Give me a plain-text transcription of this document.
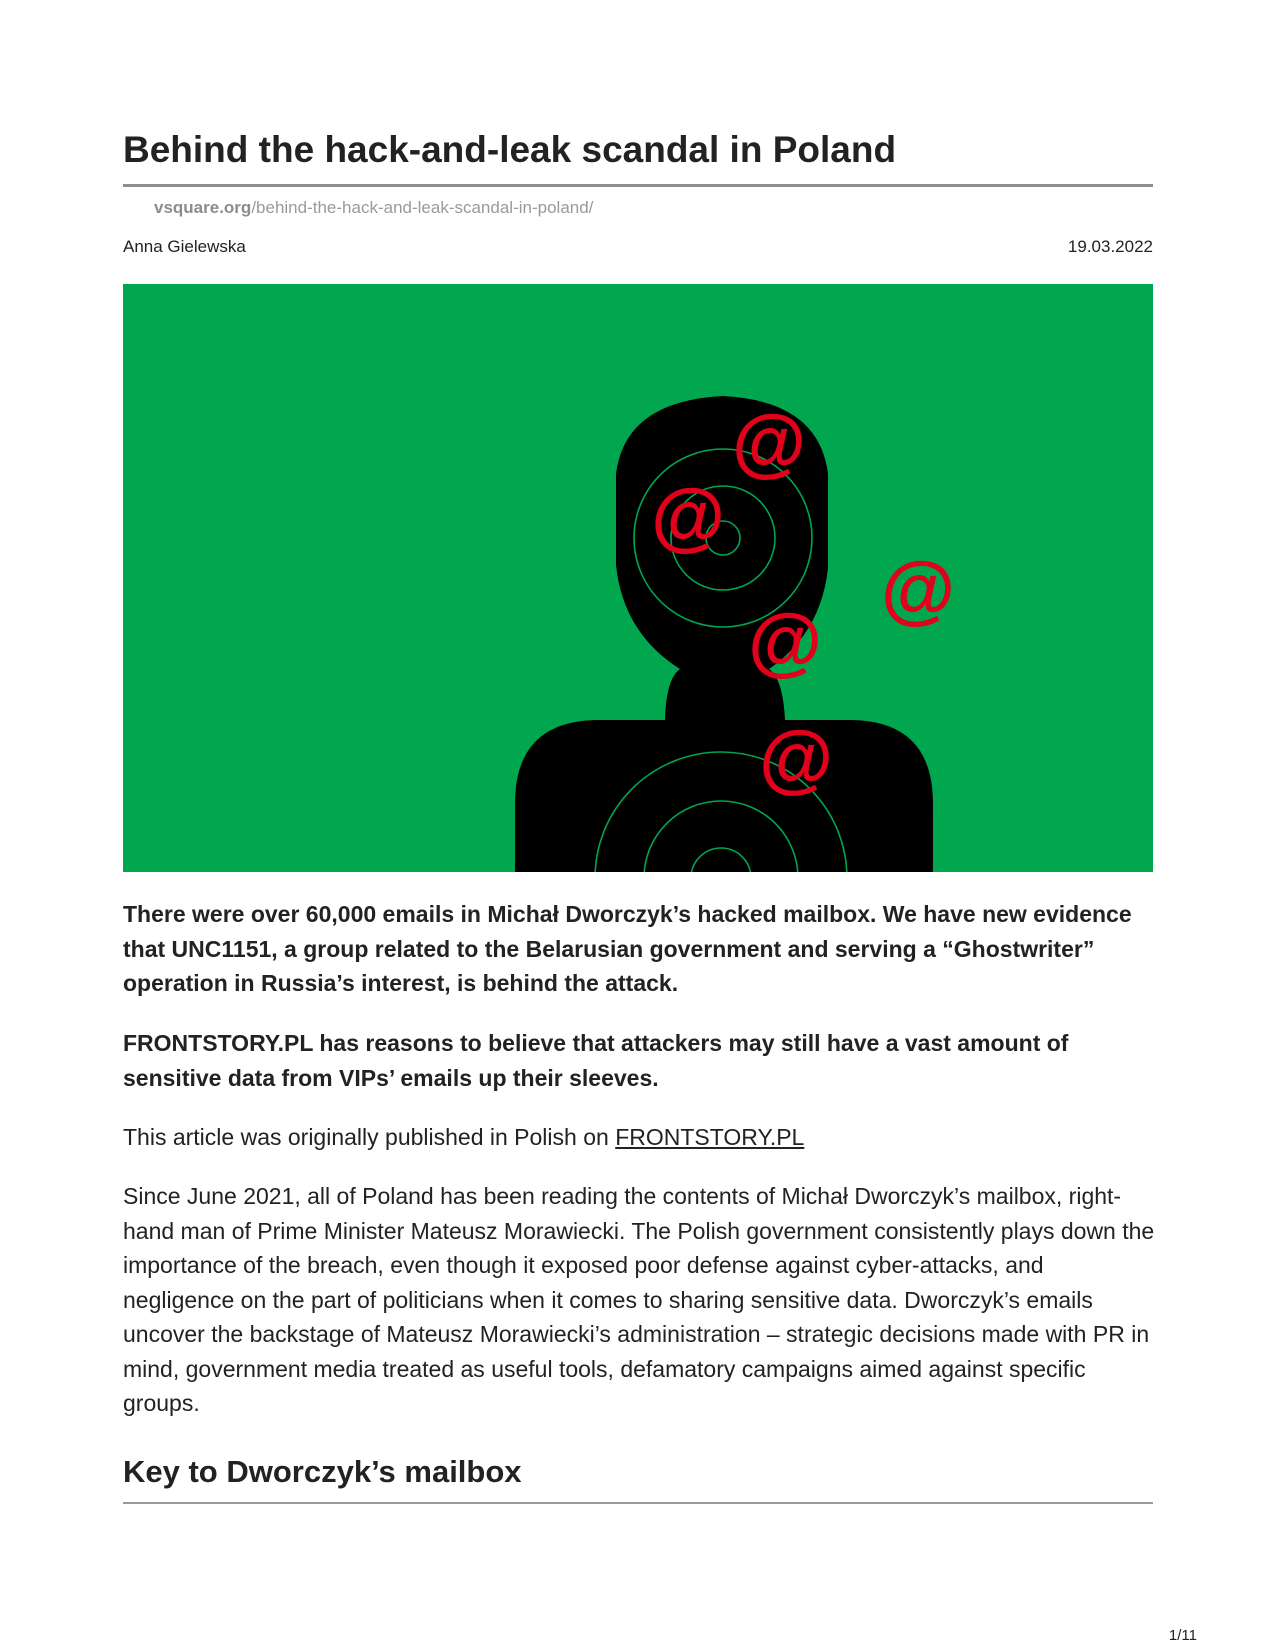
Behind the hack-and-leak scandal in Poland
vsquare.org/behind-the-hack-and-leak-scandal-in-poland/
Anna Gielewska	19.03.2022
@
@
@
@
@

There were over 60,000 emails in Michał Dworczyk’s hacked mailbox. We have new evidence that UNC1151, a group related to the Belarusian government and serving a “Ghostwriter” operation in Russia’s interest, is behind the attack.

FRONTSTORY.PL has reasons to believe that attackers may still have a vast amount of sensitive data from VIPs’ emails up their sleeves.

This article was originally published in Polish on FRONTSTORY.PL

Since June 2021, all of Poland has been reading the contents of Michał Dworczyk’s mailbox, right-hand man of Prime Minister Mateusz Morawiecki. The Polish government consistently plays down the importance of the breach, even though it exposed poor defense against cyber-attacks, and negligence on the part of politicians when it comes to sharing sensitive data. Dworczyk’s emails uncover the backstage of Mateusz Morawiecki’s administration – strategic decisions made with PR in mind, government media treated as useful tools, defamatory campaigns aimed against specific groups.

Key to Dworczyk’s mailbox
1/11
